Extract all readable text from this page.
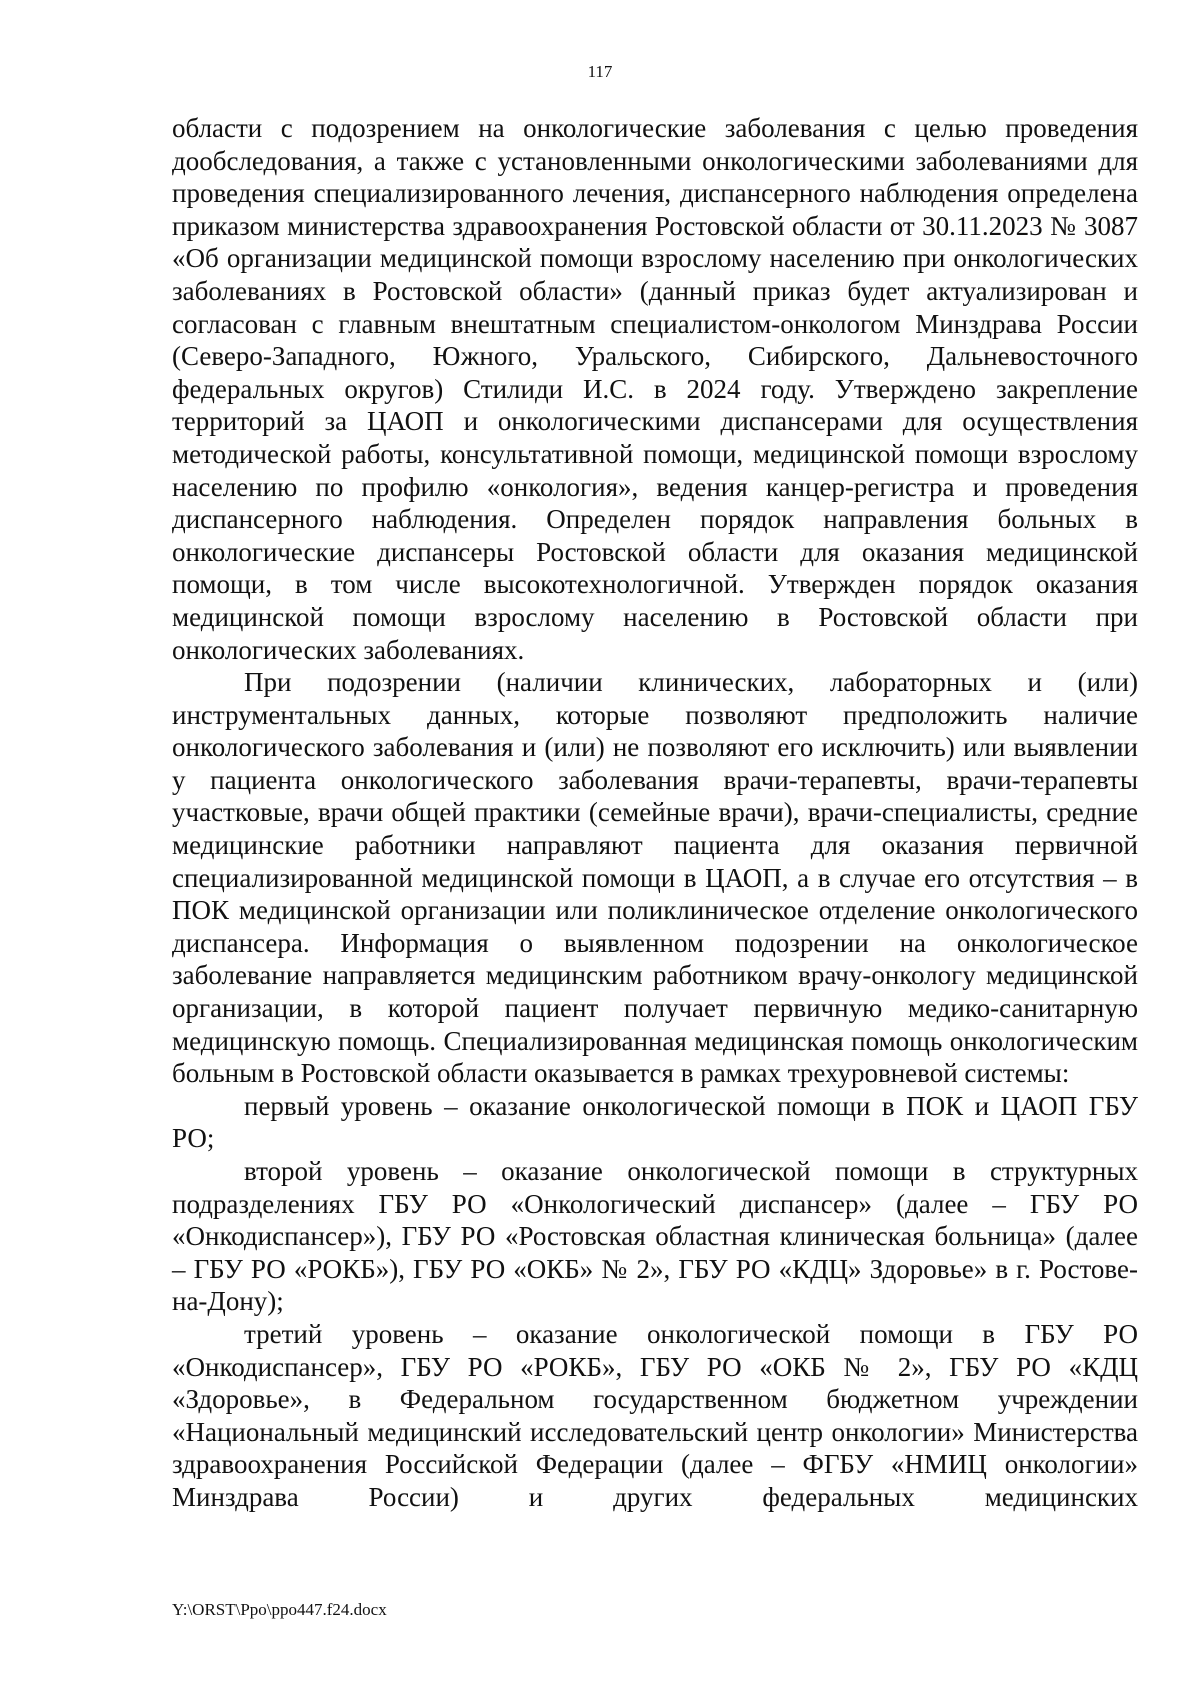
117

области с подозрением на онкологические заболевания с целью проведения дообследования, а также с установленными онкологическими заболеваниями для проведения специализированного лечения, диспансерного наблюдения определена приказом министерства здравоохранения Ростовской области от 30.11.2023 № 3087 «Об организации медицинской помощи взрослому населению при онкологических заболеваниях в Ростовской области» (данный приказ будет актуализирован и согласован с главным внештатным специалистом-онкологом Минздрава России (Северо-Западного, Южного, Уральского, Сибирского, Дальневосточного федеральных округов) Стилиди И.С. в 2024 году. Утверждено закрепление территорий за ЦАОП и онкологическими диспансерами для осуществления методической работы, консультативной помощи, медицинской помощи взрослому населению по профилю «онкология», ведения канцер-регистра и проведения диспансерного наблюдения. Определен порядок направления больных в онкологические диспансеры Ростовской области для оказания медицинской помощи, в том числе высокотехнологичной. Утвержден порядок оказания медицинской помощи взрослому населению в Ростовской области при онкологических заболеваниях.

При подозрении (наличии клинических, лабораторных и (или) инструментальных данных, которые позволяют предположить наличие онкологического заболевания и (или) не позволяют его исключить) или выявлении у пациента онкологического заболевания врачи-терапевты, врачи-терапевты участковые, врачи общей практики (семейные врачи), врачи-специалисты, средние медицинские работники направляют пациента для оказания первичной специализированной медицинской помощи в ЦАОП, а в случае его отсутствия – в ПОК медицинской организации или поликлиническое отделение онкологического диспансера. Информация о выявленном подозрении на онкологическое заболевание направляется медицинским работником врачу-онкологу медицинской организации, в которой пациент получает первичную медико-санитарную медицинскую помощь. Специализированная медицинская помощь онкологическим больным в Ростовской области оказывается в рамках трехуровневой системы:

первый уровень – оказание онкологической помощи в ПОК и ЦАОП ГБУ РО;

второй уровень – оказание онкологической помощи в структурных подразделениях ГБУ РО «Онкологический диспансер» (далее – ГБУ РО «Онкодиспансер»), ГБУ РО «Ростовская областная клиническая больница» (далее – ГБУ РО «РОКБ»), ГБУ РО «ОКБ» № 2», ГБУ РО «КДЦ» Здоровье» в г. Ростове-на-Дону);

третий уровень – оказание онкологической помощи в ГБУ РО «Онкодиспансер», ГБУ РО «РОКБ», ГБУ РО «ОКБ № 2», ГБУ РО «КДЦ «Здоровье», в Федеральном государственном бюджетном учреждении «Национальный медицинский исследовательский центр онкологии» Министерства здравоохранения Российской Федерации (далее – ФГБУ «НМИЦ онкологии» Минздрава России) и других федеральных медицинских

Y:\ORST\Ppo\ppo447.f24.docx
